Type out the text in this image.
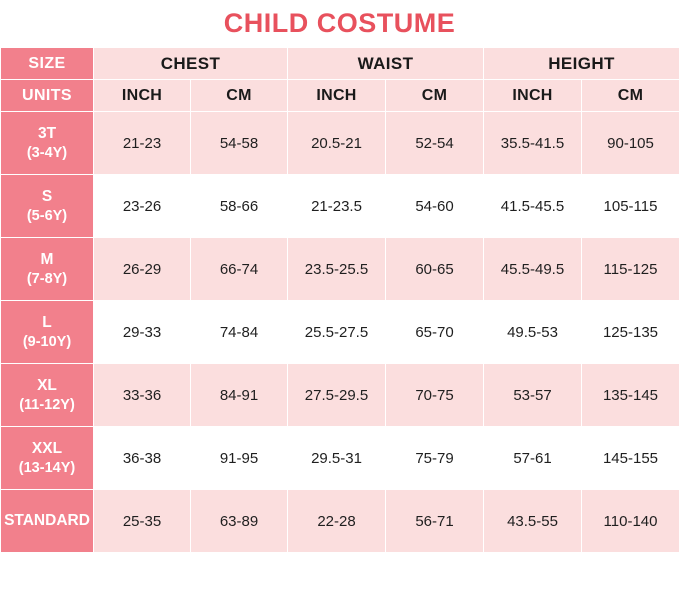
CHILD COSTUME
SIZE	CHEST		WAIST		HEIGHT	
UNITS	INCH	CM	INCH	CM	INCH	CM

3T
(3-4Y)	21-23	54-58	20.5-21	52-54	35.5-41.5	90-105

S
(5-6Y)	23-26	58-66	21-23.5	54-60	41.5-45.5	105-115

M
(7-8Y)	26-29	66-74	23.5-25.5	60-65	45.5-49.5	115-125

L
(9-10Y)	29-33	74-84	25.5-27.5	65-70	49.5-53	125-135

XL
(11-12Y)	33-36	84-91	27.5-29.5	70-75	53-57	135-145

XXL
(13-14Y)	36-38	91-95	29.5-31	75-79	57-61	145-155

STANDARD	25-35	63-89	22-28	56-71	43.5-55	110-140
